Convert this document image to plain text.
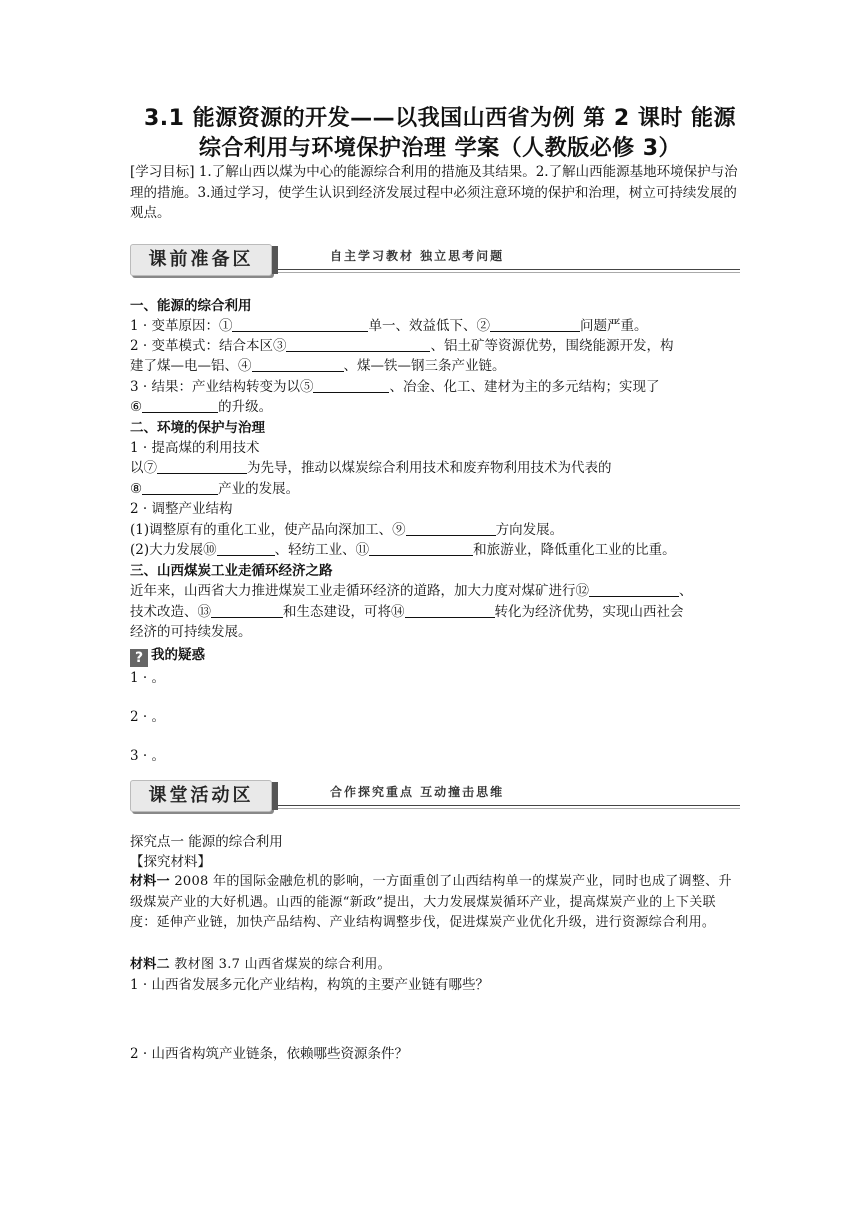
3.1 能源资源的开发——以我国山西省为例 第 2 课时 能源
综合利用与环境保护治理 学案（人教版必修 3）
[学习目标] 1.了解山西以煤为中心的能源综合利用的措施及其结果。2.了解山西能源基地环境保护与治理的措施。3.通过学习，使学生认识到经济发展过程中必须注意环境的保护和治理，树立可持续发展的观点。
课前准备区	自主学习教材 独立思考问题
一、能源的综合利用
1 · 变革原因：①	单一、效益低下、②	问题严重。
2 · 变革模式：结合本区③	、铝土矿等资源优势，围绕能源开发，构
建了煤—电—铝、④	、煤—铁—钢三条产业链。
3 · 结果：产业结构转变为以⑤	、冶金、化工、建材为主的多元结构；实现了
⑥	的升级。
二、环境的保护与治理
1 · 提高煤的利用技术
以⑦	为先导，推动以煤炭综合利用技术和废弃物利用技术为代表的
⑧	产业的发展。
2 · 调整产业结构
(1)调整原有的重化工业，使产品向深加工、⑨	方向发展。
(2)大力发展⑩	、轻纺工业、⑪	和旅游业，降低重化工业的比重。
三、山西煤炭工业走循环经济之路
近年来，山西省大力推进煤炭工业走循环经济的道路，加大力度对煤矿进行⑫	、
技术改造、⑬	和生态建设，可将⑭	转化为经济优势，实现山西社会
经济的可持续发展。
? 我的疑惑
1 · 。
2 · 。
3 · 。
课堂活动区	合作探究重点 互动撞击思维
探究点一 能源的综合利用
【探究材料】
材料一 2008 年的国际金融危机的影响，一方面重创了山西结构单一的煤炭产业，同时也成了调整、升级煤炭产业的大好机遇。山西的能源“新政”提出，大力发展煤炭循环产业，提高煤炭产业的上下关联度：延伸产业链，加快产品结构、产业结构调整步伐，促进煤炭产业优化升级，进行资源综合利用。
材料二 教材图 3.7 山西省煤炭的综合利用。
1 · 山西省发展多元化产业结构，构筑的主要产业链有哪些？
2 · 山西省构筑产业链条，依赖哪些资源条件？
